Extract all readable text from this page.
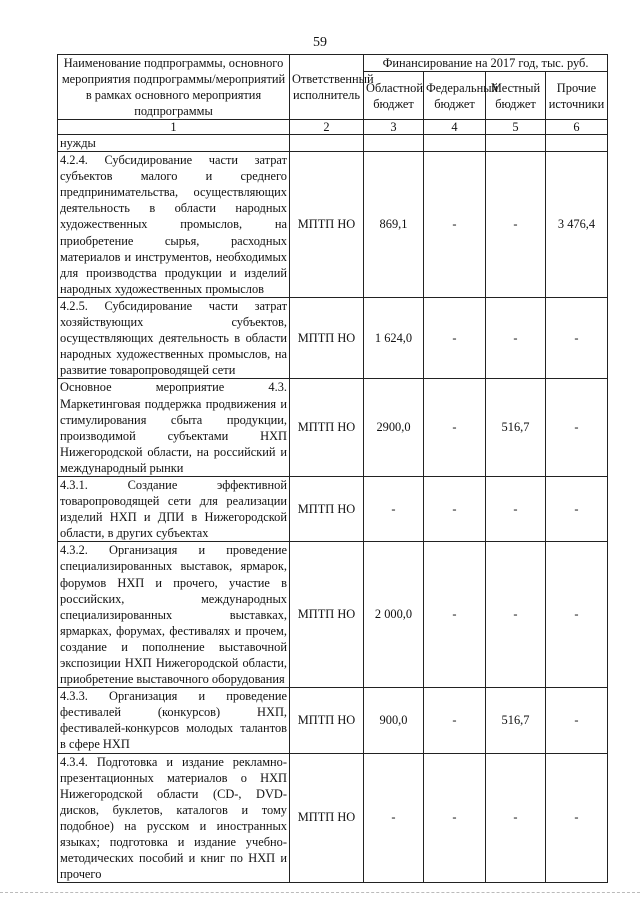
59
Наименование подпрограммы, основного мероприятия подпрограммы/мероприятий в рамках основного мероприятия подпрограммы	Ответственный исполнитель	Финансирование на 2017 год, тыс. руб.			
		Областной бюджет	Федеральный бюджет	Местный бюджет	Прочие источники
1	2	3	4	5	6
нужды					
4.2.4. Субсидирование части затрат субъектов малого и среднего предпринимательства, осуществляющих деятельность в области народных художественных промыслов, на приобретение сырья, расходных материалов и инструментов, необходимых для производства продукции и изделий народных художественных промыслов	МПТП НО	869,1	-	-	3 476,4
4.2.5. Субсидирование части затрат хозяйствующих субъектов, осуществляющих деятельность в области народных художественных промыслов, на развитие товаропроводящей сети	МПТП НО	1 624,0	-	-	-
Основное мероприятие 4.3. Маркетинговая поддержка продвижения и стимулирования сбыта продукции, производимой субъектами НХП Нижегородской области, на российский и международный рынки	МПТП НО	2900,0	-	516,7	-
4.3.1. Создание эффективной товаропроводящей сети для реализации изделий НХП и ДПИ в Нижегородской области, в других субъектах	МПТП НО	-	-	-	-
4.3.2. Организация и проведение специализированных выставок, ярмарок, форумов НХП и прочего, участие в российских, международных специализированных выставках, ярмарках, форумах, фестивалях и прочем, создание и пополнение выставочной экспозиции НХП Нижегородской области, приобретение выставочного оборудования	МПТП НО	2 000,0	-	-	-
4.3.3. Организация и проведение фестивалей (конкурсов) НХП, фестивалей-конкурсов молодых талантов в сфере НХП	МПТП НО	900,0	-	516,7	-
4.3.4. Подготовка и издание рекламно-презентационных материалов о НХП Нижегородской области (CD-, DVD-дисков, буклетов, каталогов и тому подобное) на русском и иностранных языках; подготовка и издание учебно-методических пособий и книг по НХП и прочего	МПТП НО	-	-	-	-
